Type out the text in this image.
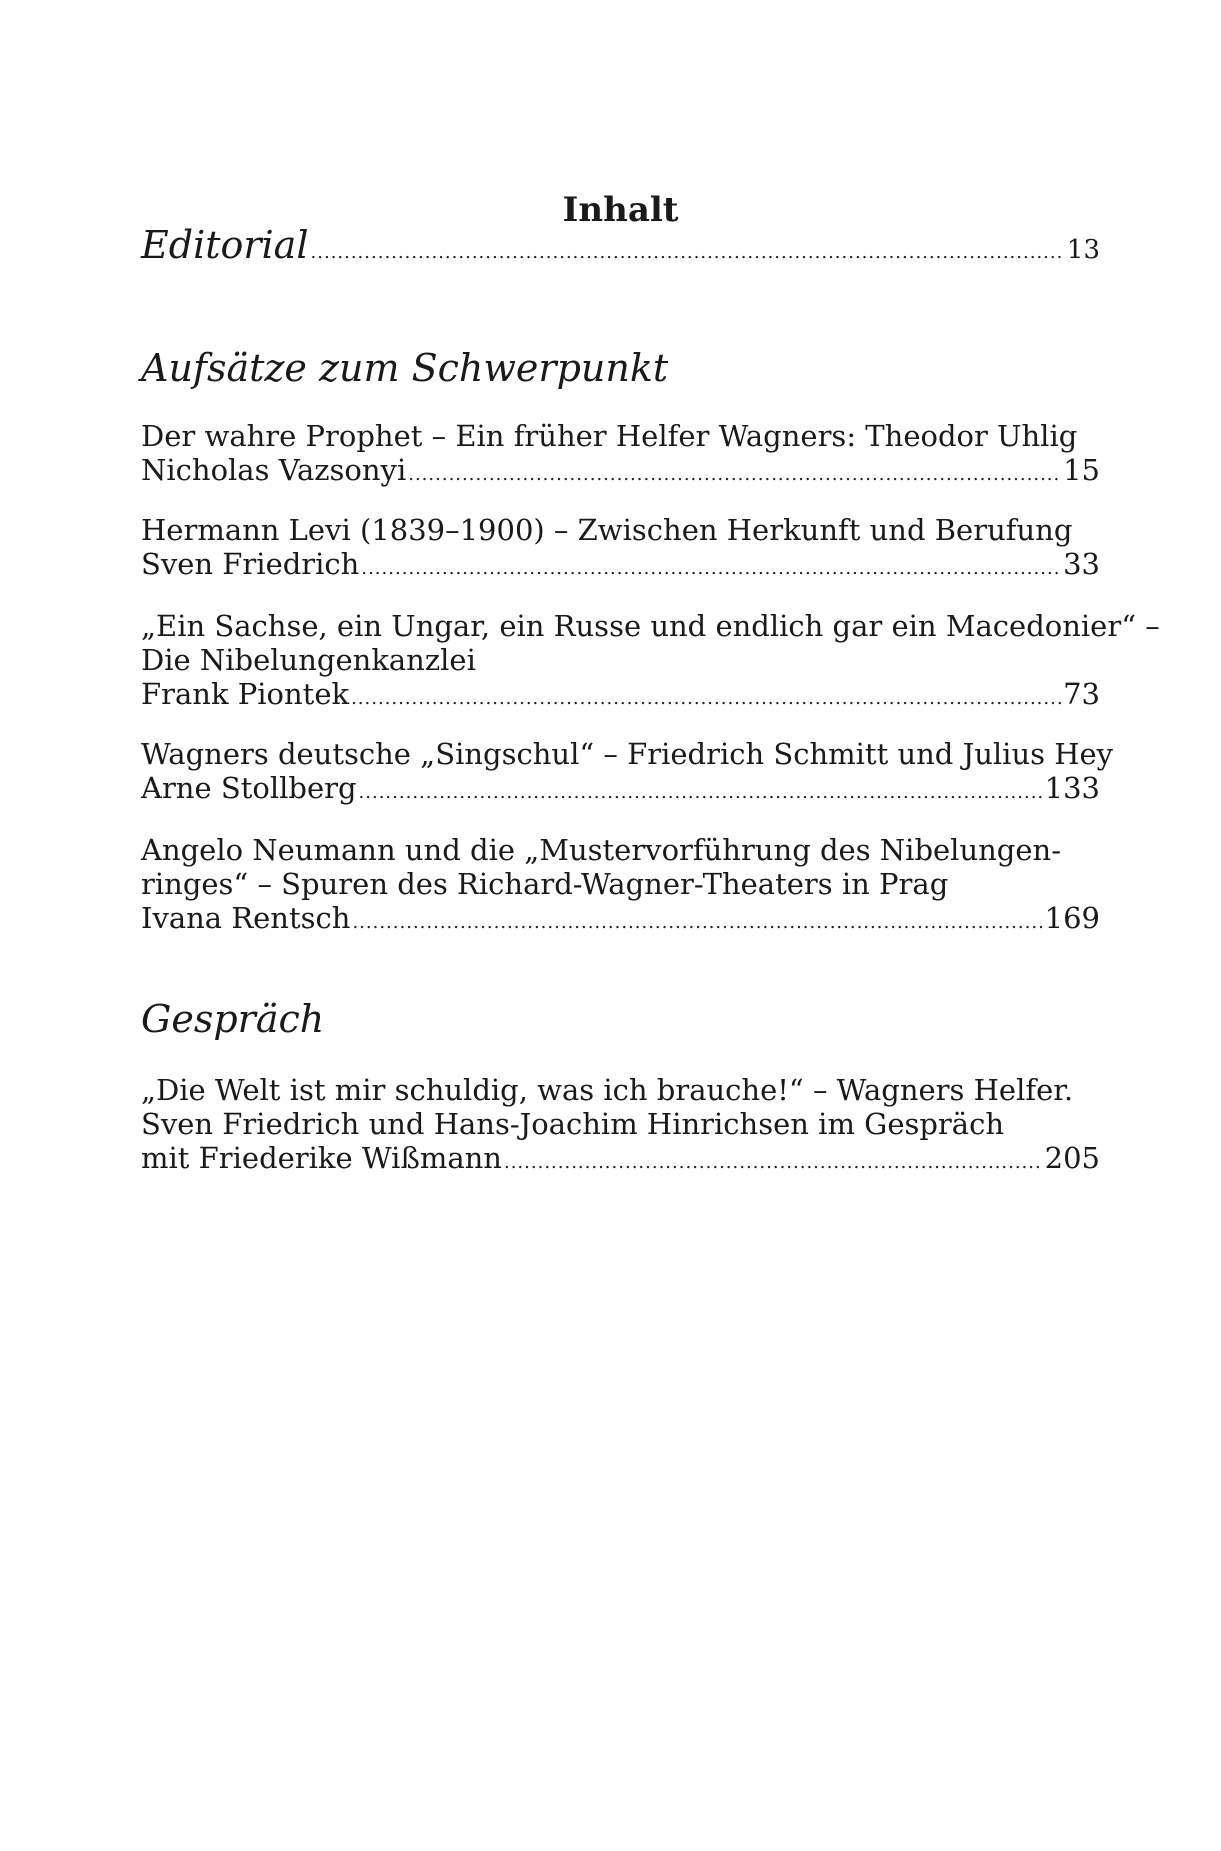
Inhalt
Editorial .....	13
Aufsätze zum Schwerpunkt
Der wahre Prophet – Ein früher Helfer Wagners: Theodor Uhlig
Nicholas Vazsonyi .....	15
Hermann Levi (1839–1900) – Zwischen Herkunft und Berufung
Sven Friedrich .....	33
„Ein Sachse, ein Ungar, ein Russe und endlich gar ein Macedonier“ –
Die Nibelungenkanzlei
Frank Piontek .....	73
Wagners deutsche „Singschul“ – Friedrich Schmitt und Julius Hey
Arne Stollberg .....	133
Angelo Neumann und die „Mustervorführung des Nibelungen-
ringes“ – Spuren des Richard-Wagner-Theaters in Prag
Ivana Rentsch .....	169
Gespräch
„Die Welt ist mir schuldig, was ich brauche!“ – Wagners Helfer.
Sven Friedrich und Hans-Joachim Hinrichsen im Gespräch
mit Friederike Wißmann .....	205
